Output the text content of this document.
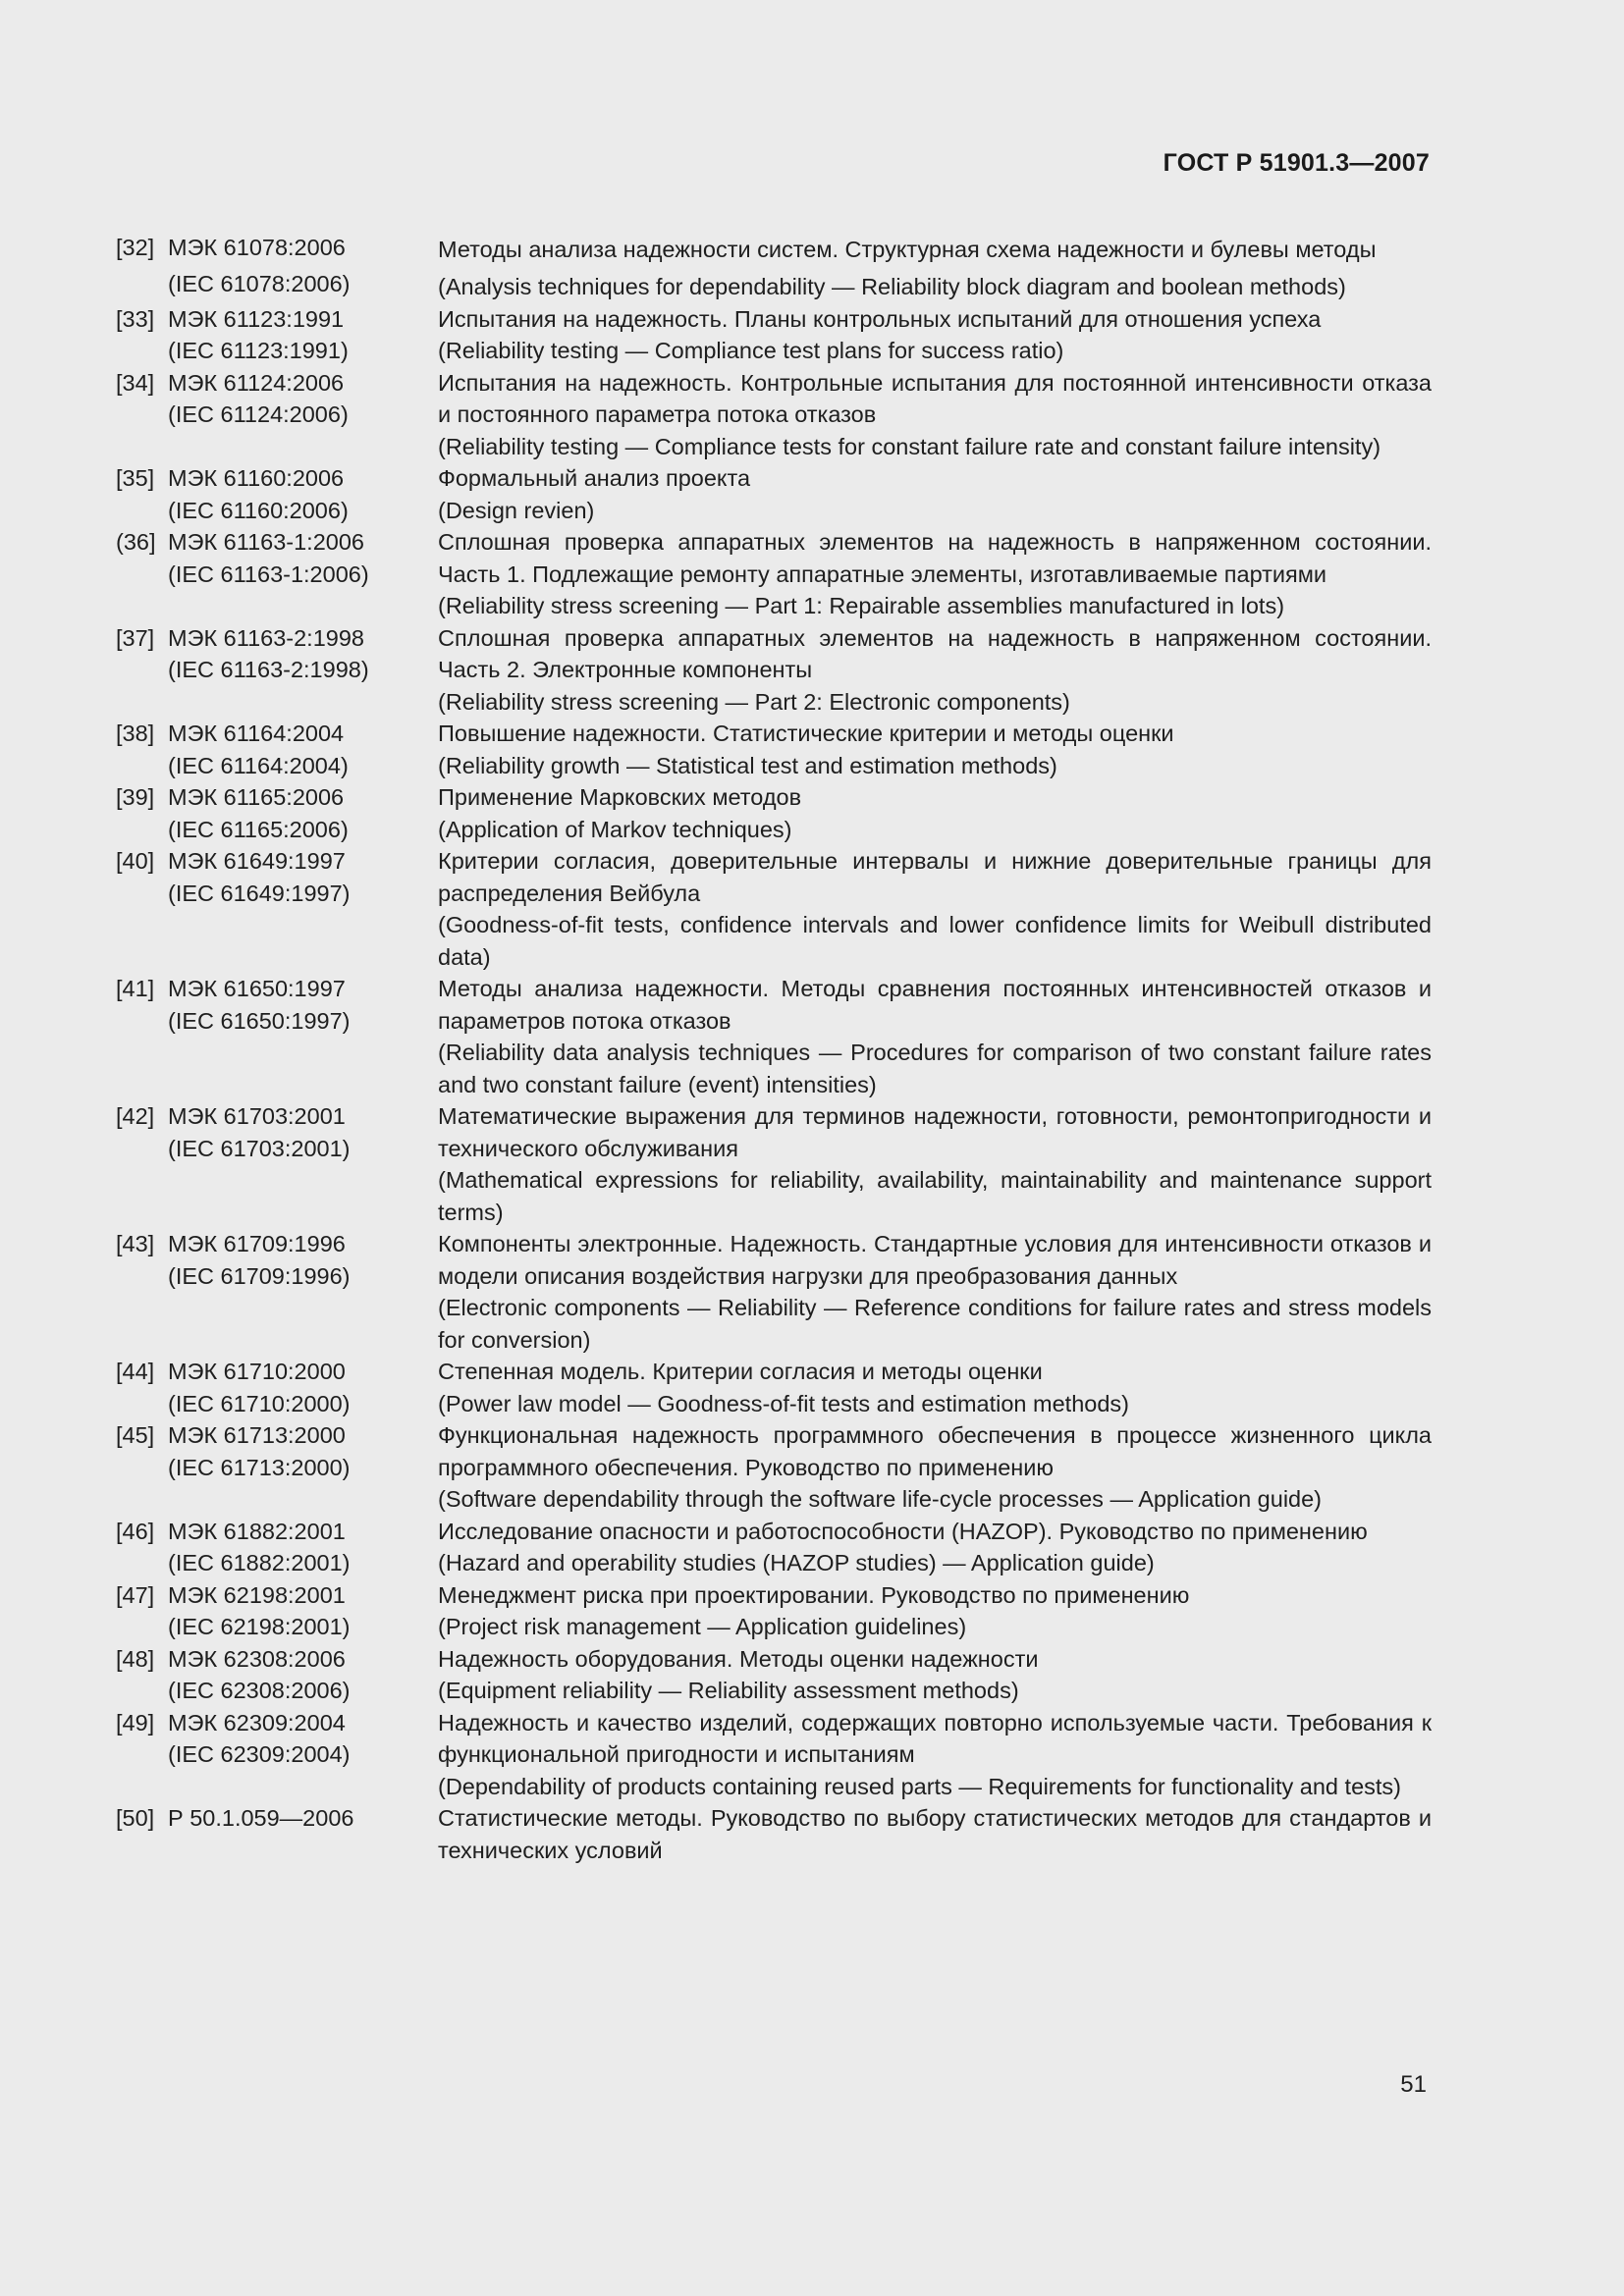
ГОСТ Р 51901.3—2007
[32] МЭК 61078:2006
(IEC 61078:2006)
Методы анализа надежности систем. Структурная схема надежности и булевы методы
(Analysis techniques for dependability — Reliability block diagram and boolean methods)
[33] МЭК 61123:1991
(IEC 61123:1991)
Испытания на надежность. Планы контрольных испытаний для отношения успеха
(Reliability testing — Compliance test plans for success ratio)
[34] МЭК 61124:2006
(IEC 61124:2006)
Испытания на надежность. Контрольные испытания для постоянной интенсивности отказа и постоянного параметра потока отказов
(Reliability testing — Compliance tests for constant failure rate and constant failure intensity)
[35] МЭК 61160:2006
(IEC 61160:2006)
Формальный анализ проекта
(Design revien)
(36] МЭК 61163-1:2006
(IEC 61163-1:2006)
Сплошная проверка аппаратных элементов на надежность в напряженном состоянии. Часть 1. Подлежащие ремонту аппаратные элементы, изготавливаемые партиями
(Reliability stress screening — Part 1: Repairable assemblies manufactured in lots)
[37] МЭК 61163-2:1998
(IEC 61163-2:1998)
Сплошная проверка аппаратных элементов на надежность в напряженном состоянии. Часть 2. Электронные компоненты
(Reliability stress screening — Part 2: Electronic components)
[38] МЭК 61164:2004
(IEC 61164:2004)
Повышение надежности. Статистические критерии и методы оценки
(Reliability growth — Statistical test and estimation methods)
[39] МЭК 61165:2006
(IEC 61165:2006)
Применение Марковских методов
(Application of Markov techniques)
[40] МЭК 61649:1997
(IEC 61649:1997)
Критерии согласия, доверительные интервалы и нижние доверительные границы для распределения Вейбула
(Goodness-of-fit tests, confidence intervals and lower confidence limits for Weibull distributed data)
[41] МЭК 61650:1997
(IEC 61650:1997)
Методы анализа надежности. Методы сравнения постоянных интенсивностей отказов и параметров потока отказов
(Reliability data analysis techniques — Procedures for comparison of two constant failure rates and two constant failure (event) intensities)
[42] МЭК 61703:2001
(IEC 61703:2001)
Математические выражения для терминов надежности, готовности, ремонтопригодности и технического обслуживания
(Mathematical expressions for reliability, availability, maintainability and maintenance support terms)
[43] МЭК 61709:1996
(IEC 61709:1996)
Компоненты электронные. Надежность. Стандартные условия для интенсивности отказов и модели описания воздействия нагрузки для преобразования данных
(Electronic components — Reliability — Reference conditions for failure rates and stress models for conversion)
[44] МЭК 61710:2000
(IEC 61710:2000)
Степенная модель. Критерии согласия и методы оценки
(Power law model — Goodness-of-fit tests and estimation methods)
[45] МЭК 61713:2000
(IEC 61713:2000)
Функциональная надежность программного обеспечения в процессе жизненного цикла программного обеспечения. Руководство по применению
(Software dependability through the software life-cycle processes — Application guide)
[46] МЭК 61882:2001
(IEC 61882:2001)
Исследование опасности и работоспособности (HAZOP). Руководство по применению
(Hazard and operability studies (HAZOP studies) — Application guide)
[47] МЭК 62198:2001
(IEC 62198:2001)
Менеджмент риска при проектировании. Руководство по применению
(Project risk management — Application guidelines)
[48] МЭК 62308:2006
(IEC 62308:2006)
Надежность оборудования. Методы оценки надежности
(Equipment reliability — Reliability assessment methods)
[49] МЭК 62309:2004
(IEC 62309:2004)
Надежность и качество изделий, содержащих повторно используемые части. Требования к функциональной пригодности и испытаниям
(Dependability of products containing reused parts — Requirements for functionality and tests)
[50] Р 50.1.059—2006	Статистические методы. Руководство по выбору статистических методов для стандартов и технических условий
51
